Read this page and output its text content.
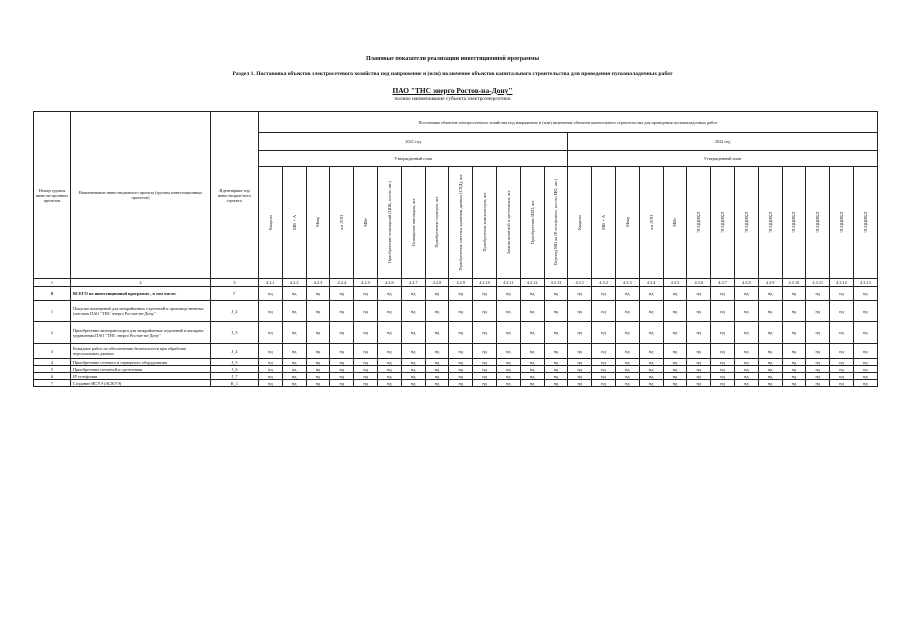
Плановые показатели реализации инвестиционной программы
Раздел 1. Постановка объектов электросетевого хозяйства под напряжение и (или) включение объектов капитального строительства для проведения пусконаладочных работ
ПАО "ТНС энерго Ростов-на-Дону"
полное наименование субъекта электроэнергетики
Номер группы инвести-ционных проектов	Наименование инвестиционного проекта (группы инвестиционных проектов)	Идентифика-тор инвестицион-ного проекта	Постановка объектов электросетевого хозяйства под напряжение и (или) включение объектов капитального строительства для проведения пусконаладочных работ																									
			2021 год													2022 год												
			Утвержденный план													Утвержденный план												
			Квартал	МВ×А	Мвар	км ЛЭП	МВт	Приобретение помещений (ЦОК, кол-во шт.)	Оснащение автопарка, шт.	Приобретение серверов, шт.	Приобретение системы хранения данных (СХД), шт.	Приобретение компьютеров, шт.	Замена печатной и оргтехники, шт.	Приобретение ИБП, шт.	Перевод МО на IP телефонию, кол-во МО, шт.)	Квартал	МВ×А	Мвар	км ЛЭП	МВт	ЭСЦЦИКЛ	ЭСЦЦИКЛ	ЭСЦЦИКЛ	ЭСЦЦИКЛ	ЭСЦЦИКЛ	ЭСЦЦИКЛ	ЭСЦЦИКЛ	ЭСЦЦИКЛ
1	2	3	4.2.1	4.2.2	4.2.3	4.2.4	4.2.5	4.2.6	4.2.7	4.2.8	4.2.9	4.2.10	4.2.11	4.2.12	4.2.13	4.3.1	4.3.2	4.3.3	4.3.4	4.3.5	4.3.6	4.3.7	4.3.8	4.3.9	4.3.10	4.3.11	4.3.12	4.3.13
0	ВСЕГО по инвестиционной программе , в том числе:	Г	нд	нд	нд	нд	нд	нд	нд	нд	нд	нд	нд	нд	нд	нд	нд	нд	нд	нд	нд	нд	нд	нд	нд	нд	нд	нд
1	Покупка помещений для межрайонных отделений и производственных участков ПАО "ТНС энерго Ростов-на-Дону"	J_2	нд	нд	нд	нд	нд	нд	нд	нд	нд	нд	нд	нд	нд	нд	нд	нд	нд	нд	нд	нд	нд	нд	нд	нд	нд	нд
2	Приобретение автотранспорта для межрайонных отделений и аппарата управления ПАО "ТНС энерго Ростов-на-Дону"	J_3	нд	нд	нд	нд	нд	нд	нд	нд	нд	нд	нд	нд	нд	нд	нд	нд	нд	нд	нд	нд	нд	нд	нд	нд	нд	нд
3	Комадное рабоч по обеспечению безопасности при обработке персональных данных	J_4	нд	нд	нд	нд	нд	нд	нд	нд	нд	нд	нд	нд	нд	нд	нд	нд	нд	нд	нд	нд	нд	нд	нд	нд	нд	нд
4	Приобретение сетевого и серверного оборудования	J_5	нд	нд	нд	нд	нд	нд	нд	нд	нд	нд	нд	нд	нд	нд	нд	нд	нд	нд	нд	нд	нд	нд	нд	нд	нд	нд
5	Приобретение печатной и оргтехники	J_6	нд	нд	нд	нд	нд	нд	нд	нд	нд	нд	нд	нд	нд	нд	нд	нд	нд	нд	нд	нд	нд	нд	нд	нд	нд	нд
6	IP телефония	J_7	нд	нд	нд	нд	нд	нд	нд	нд	нд	нд	нд	нд	нд	нд	нд	нд	нд	нд	нд	нд	нд	нд	нд	нд	нд	нд
7	Создание ИСУЭ (АСКУЭ)	К_1	нд	нд	нд	нд	нд	нд	нд	нд	нд	нд	нд	нд	нд	нд	нд	нд	нд	нд	нд	нд	нд	нд	нд	нд	нд	нд
